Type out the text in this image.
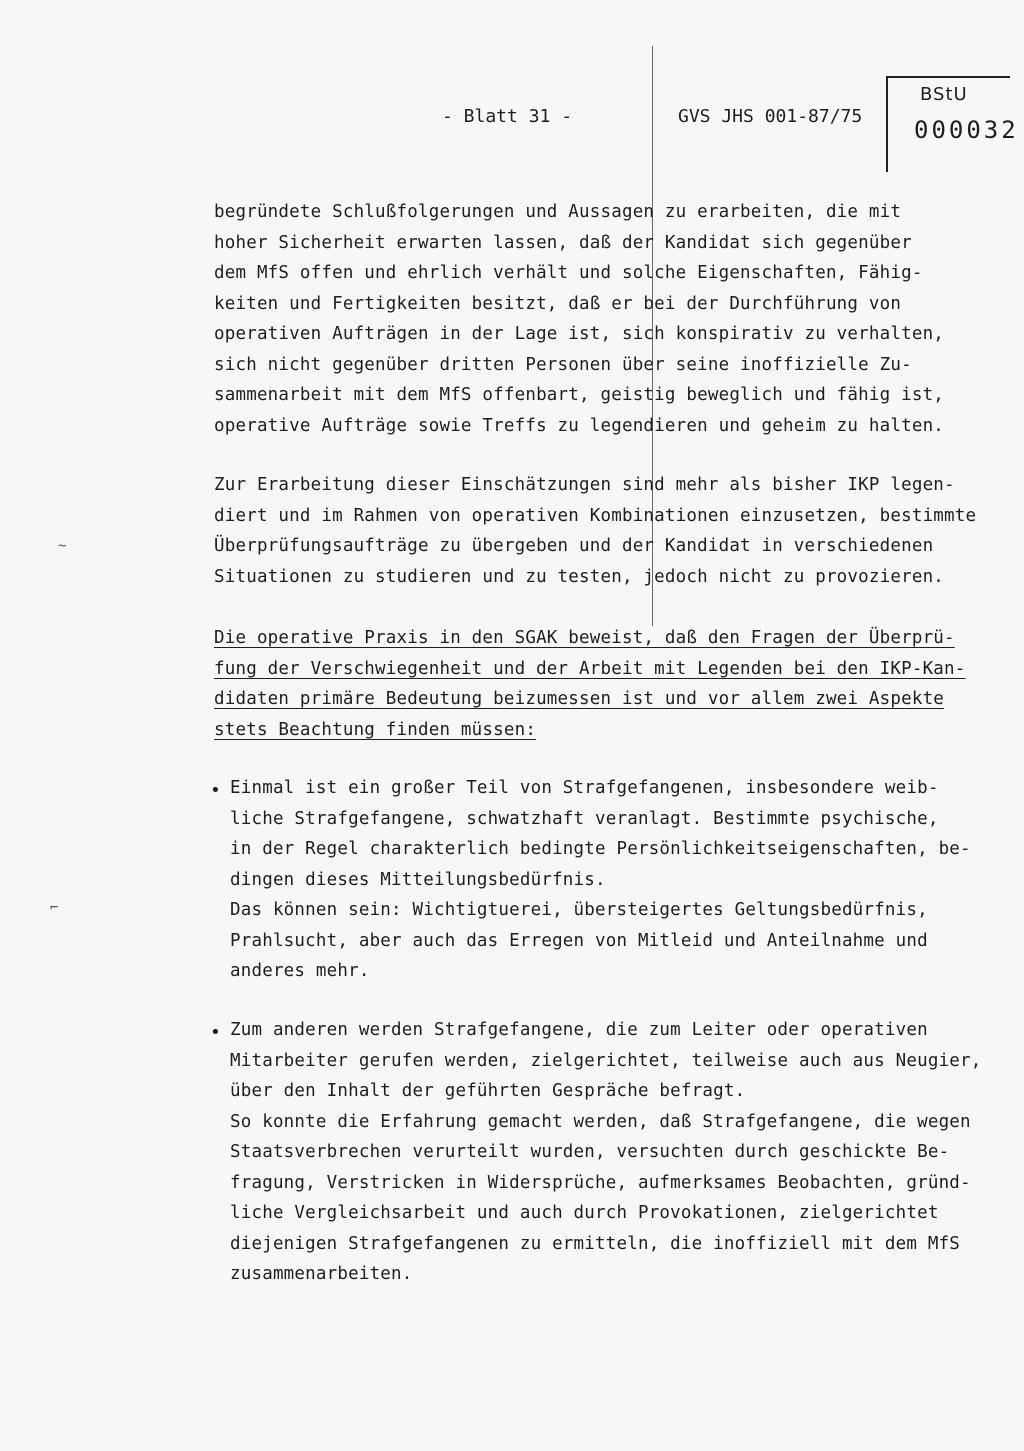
- Blatt 31 -	GVS JHS 001-87/75
BStU
000032
begründete Schlußfolgerungen und Aussagen zu erarbeiten, die mit
hoher Sicherheit erwarten lassen, daß der Kandidat sich gegenüber
dem MfS offen und ehrlich verhält und solche Eigenschaften, Fähig-
keiten und Fertigkeiten besitzt, daß er bei der Durchführung von
operativen Aufträgen in der Lage ist, sich konspirativ zu verhalten,
sich nicht gegenüber dritten Personen über seine inoffizielle Zu-
sammenarbeit mit dem MfS offenbart, geistig beweglich und fähig ist,
operative Aufträge sowie Treffs zu legendieren und geheim zu halten.
Zur Erarbeitung dieser Einschätzungen sind mehr als bisher IKP legen-
diert und im Rahmen von operativen Kombinationen einzusetzen, bestimmte
Überprüfungsaufträge zu übergeben und der Kandidat in verschiedenen
Situationen zu studieren und zu testen, jedoch nicht zu provozieren.
Die operative Praxis in den SGAK beweist, daß den Fragen der Überprü-
fung der Verschwiegenheit und der Arbeit mit Legenden bei den IKP-Kan-
didaten primäre Bedeutung beizumessen ist und vor allem zwei Aspekte
stets Beachtung finden müssen:
• Einmal ist ein großer Teil von Strafgefangenen, insbesondere weib-
liche Strafgefangene, schwatzhaft veranlagt. Bestimmte psychische,
in der Regel charakterlich bedingte Persönlichkeitseigenschaften, be-
dingen dieses Mitteilungsbedürfnis.
Das können sein: Wichtigtuerei, übersteigertes Geltungsbedürfnis,
Prahlsucht, aber auch das Erregen von Mitleid und Anteilnahme und
anderes mehr.
• Zum anderen werden Strafgefangene, die zum Leiter oder operativen
Mitarbeiter gerufen werden, zielgerichtet, teilweise auch aus Neugier,
über den Inhalt der geführten Gespräche befragt.
So konnte die Erfahrung gemacht werden, daß Strafgefangene, die wegen
Staatsverbrechen verurteilt wurden, versuchten durch geschickte Be-
fragung, Verstricken in Widersprüche, aufmerksames Beobachten, gründ-
liche Vergleichsarbeit und auch durch Provokationen, zielgerichtet
diejenigen Strafgefangenen zu ermitteln, die inoffiziell mit dem MfS
zusammenarbeiten.
~
⌐
